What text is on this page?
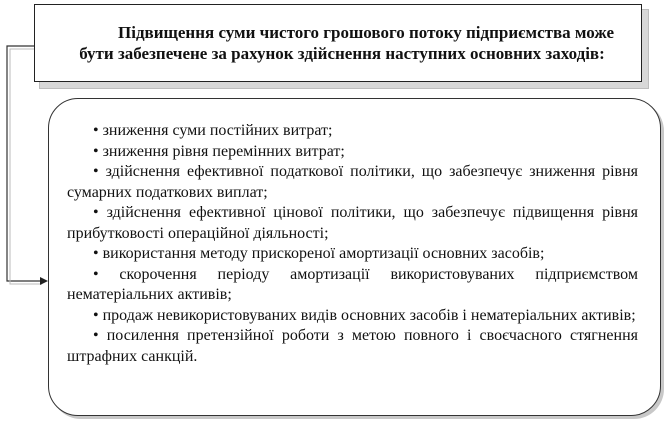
Підвищення суми чистого грошового потоку підприємства може бути забезпечене за рахунок здійснення наступних основних заходів:
• зниження суми постійних витрат;
• зниження рівня перемінних витрат;
• здійснення ефективної податкової політики, що забезпечує зниження рівня сумарних податкових виплат;
• здійснення ефективної цінової політики, що забезпечує підвищення рівня прибутковості операційної діяльності;
• використання методу прискореної амортизації основних засобів;
• скорочення періоду амортизації використовуваних підприємством нематеріальних активів;
• продаж невикористовуваних видів основних засобів і нематеріальних активів;
• посилення претензійної роботи з метою повного і своєчасного стягнення штрафних санкцій.
